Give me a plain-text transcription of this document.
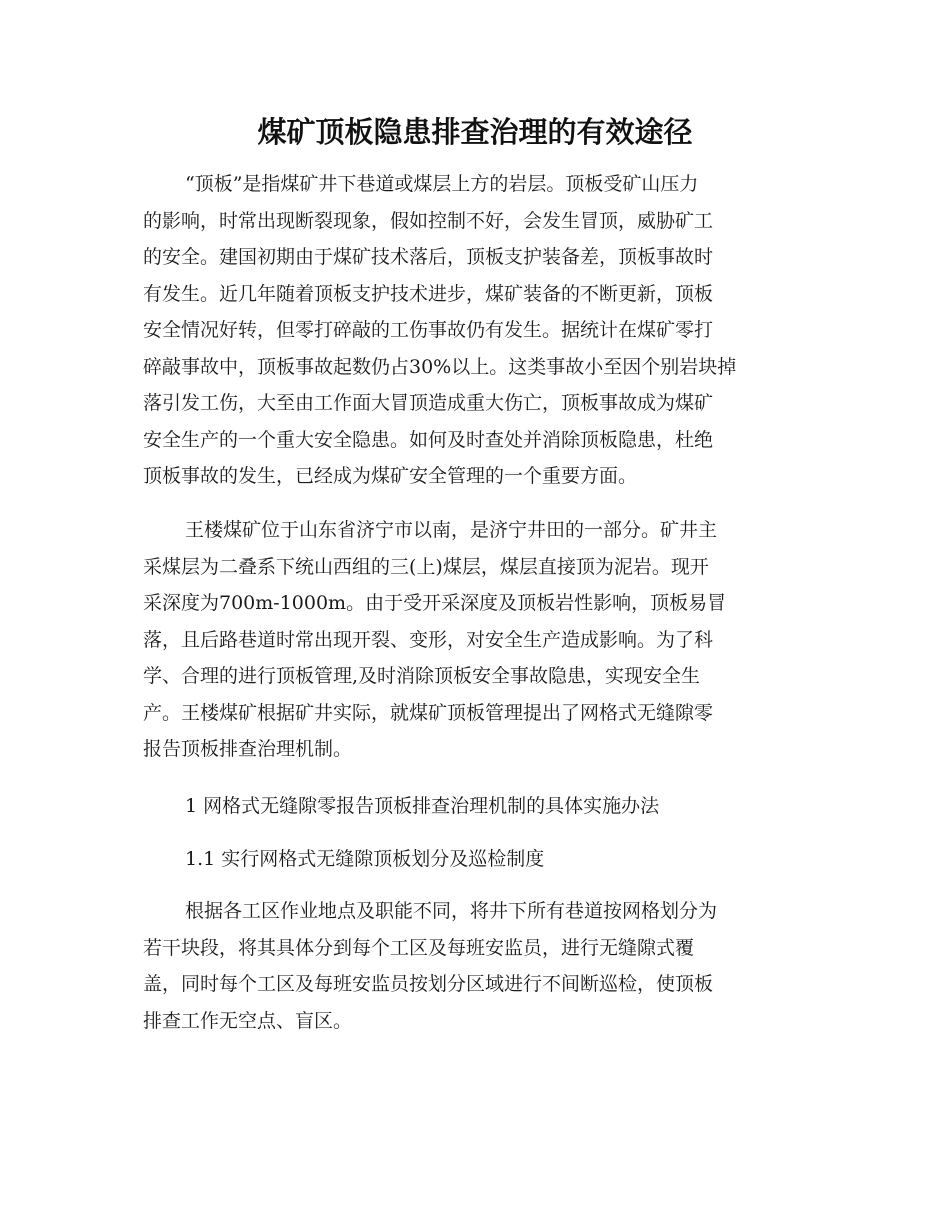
煤矿顶板隐患排查治理的有效途径
“顶板”是指煤矿井下巷道或煤层上方的岩层。顶板受矿山压力
的影响，时常出现断裂现象，假如控制不好，会发生冒顶，威胁矿工
的安全。建国初期由于煤矿技术落后，顶板支护装备差，顶板事故时
有发生。近几年随着顶板支护技术进步，煤矿装备的不断更新，顶板
安全情况好转，但零打碎敲的工伤事故仍有发生。据统计在煤矿零打
碎敲事故中，顶板事故起数仍占30%以上。这类事故小至因个别岩块掉
落引发工伤，大至由工作面大冒顶造成重大伤亡，顶板事故成为煤矿
安全生产的一个重大安全隐患。如何及时查处并消除顶板隐患，杜绝
顶板事故的发生，已经成为煤矿安全管理的一个重要方面。
王楼煤矿位于山东省济宁市以南，是济宁井田的一部分。矿井主
采煤层为二叠系下统山西组的三(上)煤层，煤层直接顶为泥岩。现开
采深度为700m-1000m。由于受开采深度及顶板岩性影响，顶板易冒
落，且后路巷道时常出现开裂、变形，对安全生产造成影响。为了科
学、合理的进行顶板管理,及时消除顶板安全事故隐患，实现安全生
产。王楼煤矿根据矿井实际，就煤矿顶板管理提出了网格式无缝隙零
报告顶板排查治理机制。
1 网格式无缝隙零报告顶板排查治理机制的具体实施办法
1.1 实行网格式无缝隙顶板划分及巡检制度
根据各工区作业地点及职能不同，将井下所有巷道按网格划分为
若干块段，将其具体分到每个工区及每班安监员，进行无缝隙式覆
盖，同时每个工区及每班安监员按划分区域进行不间断巡检，使顶板
排查工作无空点、盲区。
